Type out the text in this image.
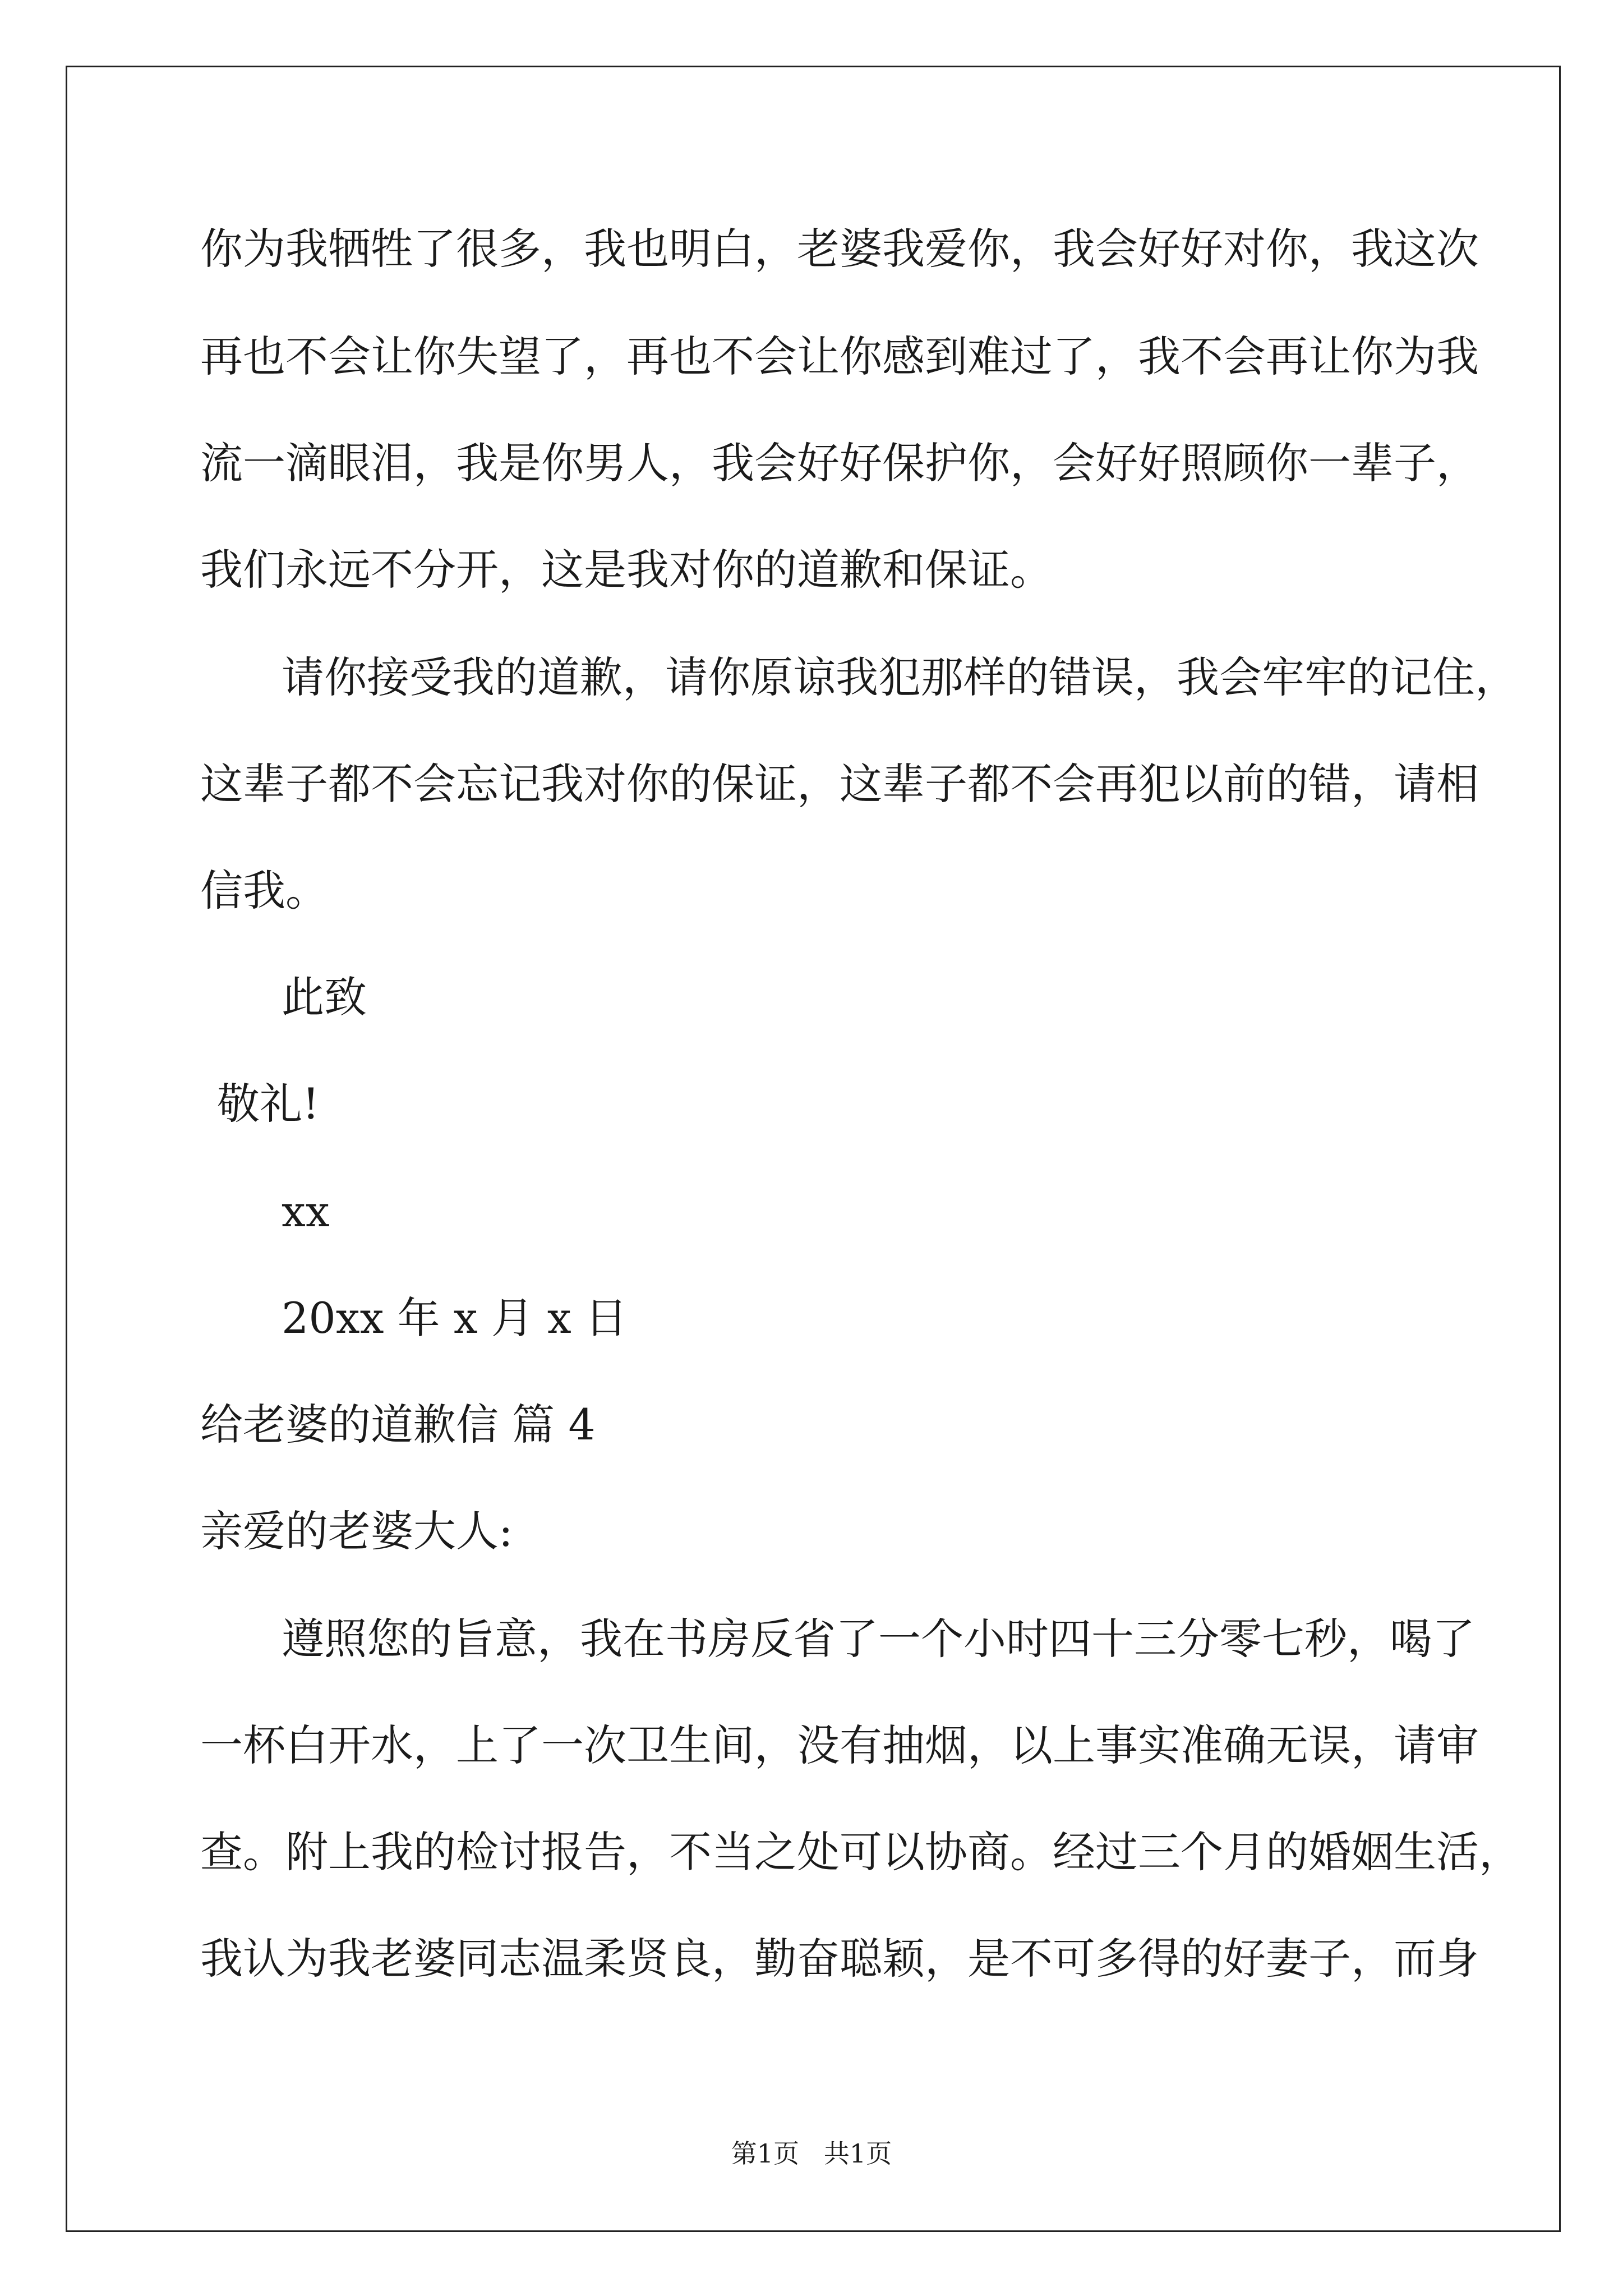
你为我牺牲了很多，我也明白，老婆我爱你，我会好好对你，我这次
再也不会让你失望了，再也不会让你感到难过了，我不会再让你为我
流一滴眼泪，我是你男人，我会好好保护你，会好好照顾你一辈子，
我们永远不分开，这是我对你的道歉和保证。
请你接受我的道歉，请你原谅我犯那样的错误，我会牢牢的记住，
这辈子都不会忘记我对你的保证，这辈子都不会再犯以前的错，请相
信我。
此致
敬礼!
xx
20xx 年 x 月 x 日
给老婆的道歉信 篇 4
亲爱的老婆大人:
遵照您的旨意，我在书房反省了一个小时四十三分零七秒，喝了
一杯白开水，上了一次卫生间，没有抽烟，以上事实准确无误，请审
查。附上我的检讨报告，不当之处可以协商。经过三个月的婚姻生活，
我认为我老婆同志温柔贤良，勤奋聪颖，是不可多得的好妻子，而身
第1页   共1页
